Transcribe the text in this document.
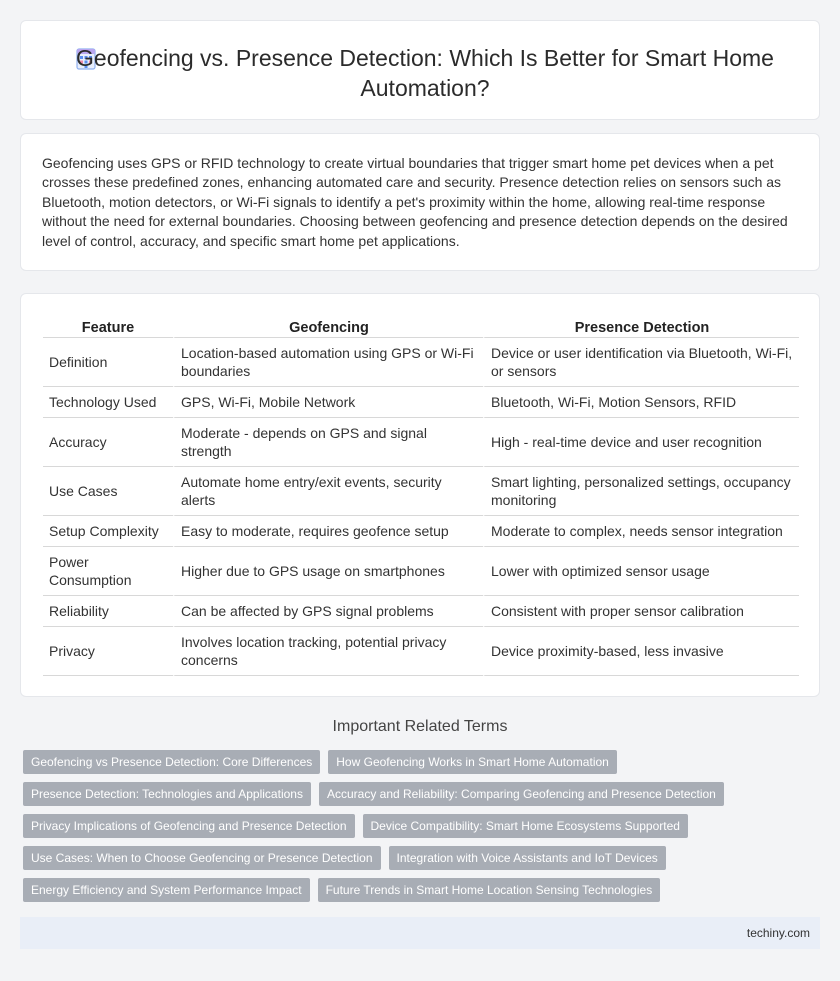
Geofencing vs. Presence Detection: Which Is Better for Smart Home Automation?

Geofencing uses GPS or RFID technology to create virtual boundaries that trigger smart home pet devices when a pet crosses these predefined zones, enhancing automated care and security. Presence detection relies on sensors such as Bluetooth, motion detectors, or Wi-Fi signals to identify a pet's proximity within the home, allowing real-time response without the need for external boundaries. Choosing between geofencing and presence detection depends on the desired level of control, accuracy, and specific smart home pet applications.

Feature	Geofencing	Presence Detection
Definition	Location-based automation using GPS or Wi-Fi boundaries	Device or user identification via Bluetooth, Wi-Fi, or sensors
Technology Used	GPS, Wi-Fi, Mobile Network	Bluetooth, Wi-Fi, Motion Sensors, RFID
Accuracy	Moderate - depends on GPS and signal strength	High - real-time device and user recognition
Use Cases	Automate home entry/exit events, security alerts	Smart lighting, personalized settings, occupancy monitoring
Setup Complexity	Easy to moderate, requires geofence setup	Moderate to complex, needs sensor integration
Power Consumption	Higher due to GPS usage on smartphones	Lower with optimized sensor usage
Reliability	Can be affected by GPS signal problems	Consistent with proper sensor calibration
Privacy	Involves location tracking, potential privacy concerns	Device proximity-based, less invasive
Important Related Terms
Geofencing vs Presence Detection: Core Differences	How Geofencing Works in Smart Home Automation
Presence Detection: Technologies and Applications	Accuracy and Reliability: Comparing Geofencing and Presence Detection
Privacy Implications of Geofencing and Presence Detection	Device Compatibility: Smart Home Ecosystems Supported
Use Cases: When to Choose Geofencing or Presence Detection	Integration with Voice Assistants and IoT Devices
Energy Efficiency and System Performance Impact	Future Trends in Smart Home Location Sensing Technologies
techiny.com
